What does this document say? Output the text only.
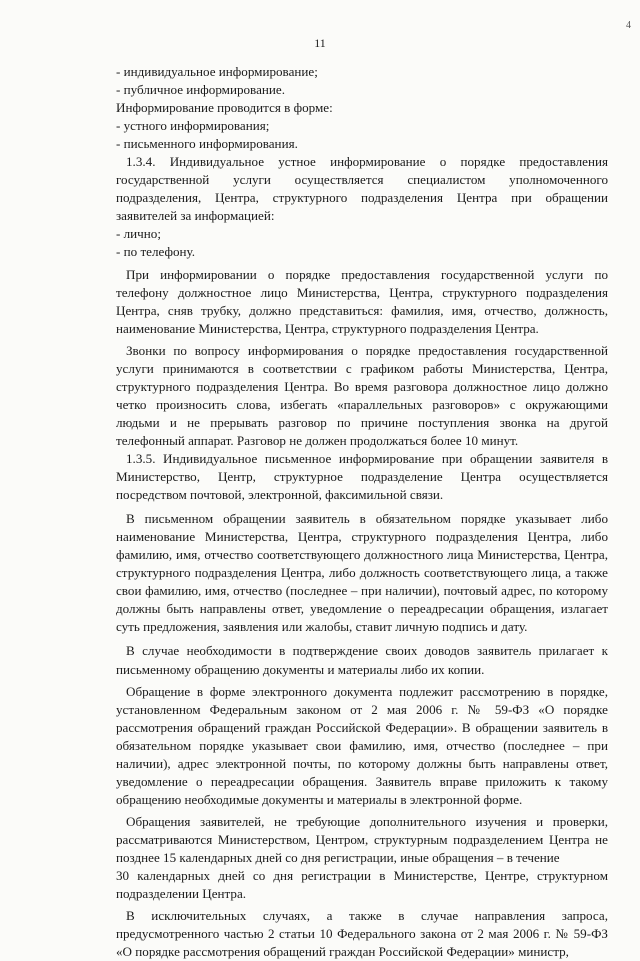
4
11

- индивидуальное информирование;

- публичное информирование.

Информирование проводится в форме:

- устного информирования;

- письменного информирования.

1.3.4. Индивидуальное устное информирование о порядке предоставления государственной услуги осуществляется специалистом уполномоченного подразделения, Центра, структурного подразделения Центра при обращении заявителей за информацией:

- лично;

- по телефону.

При информировании о порядке предоставления государственной услуги по телефону должностное лицо Министерства, Центра, структурного подразделения Центра, сняв трубку, должно представиться: фамилия, имя, отчество, должность, наименование Министерства, Центра, структурного подразделения Центра.

Звонки по вопросу информирования о порядке предоставления государственной услуги принимаются в соответствии с графиком работы Министерства, Центра, структурного подразделения Центра. Во время разговора должностное лицо должно четко произносить слова, избегать «параллельных разговоров» с окружающими людьми и не прерывать разговор по причине поступления звонка на другой телефонный аппарат. Разговор не должен продолжаться более 10 минут.

1.3.5. Индивидуальное письменное информирование при обращении заявителя в Министерство, Центр, структурное подразделение Центра осуществляется посредством почтовой, электронной, факсимильной связи.

В письменном обращении заявитель в обязательном порядке указывает либо наименование Министерства, Центра, структурного подразделения Центра, либо фамилию, имя, отчество соответствующего должностного лица Министерства, Центра, структурного подразделения Центра, либо должность соответствующего лица, а также свои фамилию, имя, отчество (последнее – при наличии), почтовый адрес, по которому должны быть направлены ответ, уведомление о переадресации обращения, излагает суть предложения, заявления или жалобы, ставит личную подпись и дату.

В случае необходимости в подтверждение своих доводов заявитель прилагает к письменному обращению документы и материалы либо их копии.

Обращение в форме электронного документа подлежит рассмотрению в порядке, установленном Федеральным законом от 2 мая 2006 г. № 59-ФЗ «О порядке рассмотрения обращений граждан Российской Федерации». В обращении заявитель в обязательном порядке указывает свои фамилию, имя, отчество (последнее – при наличии), адрес электронной почты, по которому должны быть направлены ответ, уведомление о переадресации обращения. Заявитель вправе приложить к такому обращению необходимые документы и материалы в электронной форме.

Обращения заявителей, не требующие дополнительного изучения и проверки, рассматриваются Министерством, Центром, структурным подразделением Центра не позднее 15 календарных дней со дня регистрации, иные обращения – в течение

30 календарных дней со дня регистрации в Министерстве, Центре, структурном подразделении Центра.

В исключительных случаях, а также в случае направления запроса, предусмотренного частью 2 статьи 10 Федерального закона от 2 мая 2006 г. № 59-ФЗ «О порядке рассмотрения обращений граждан Российской Федерации» министр,
